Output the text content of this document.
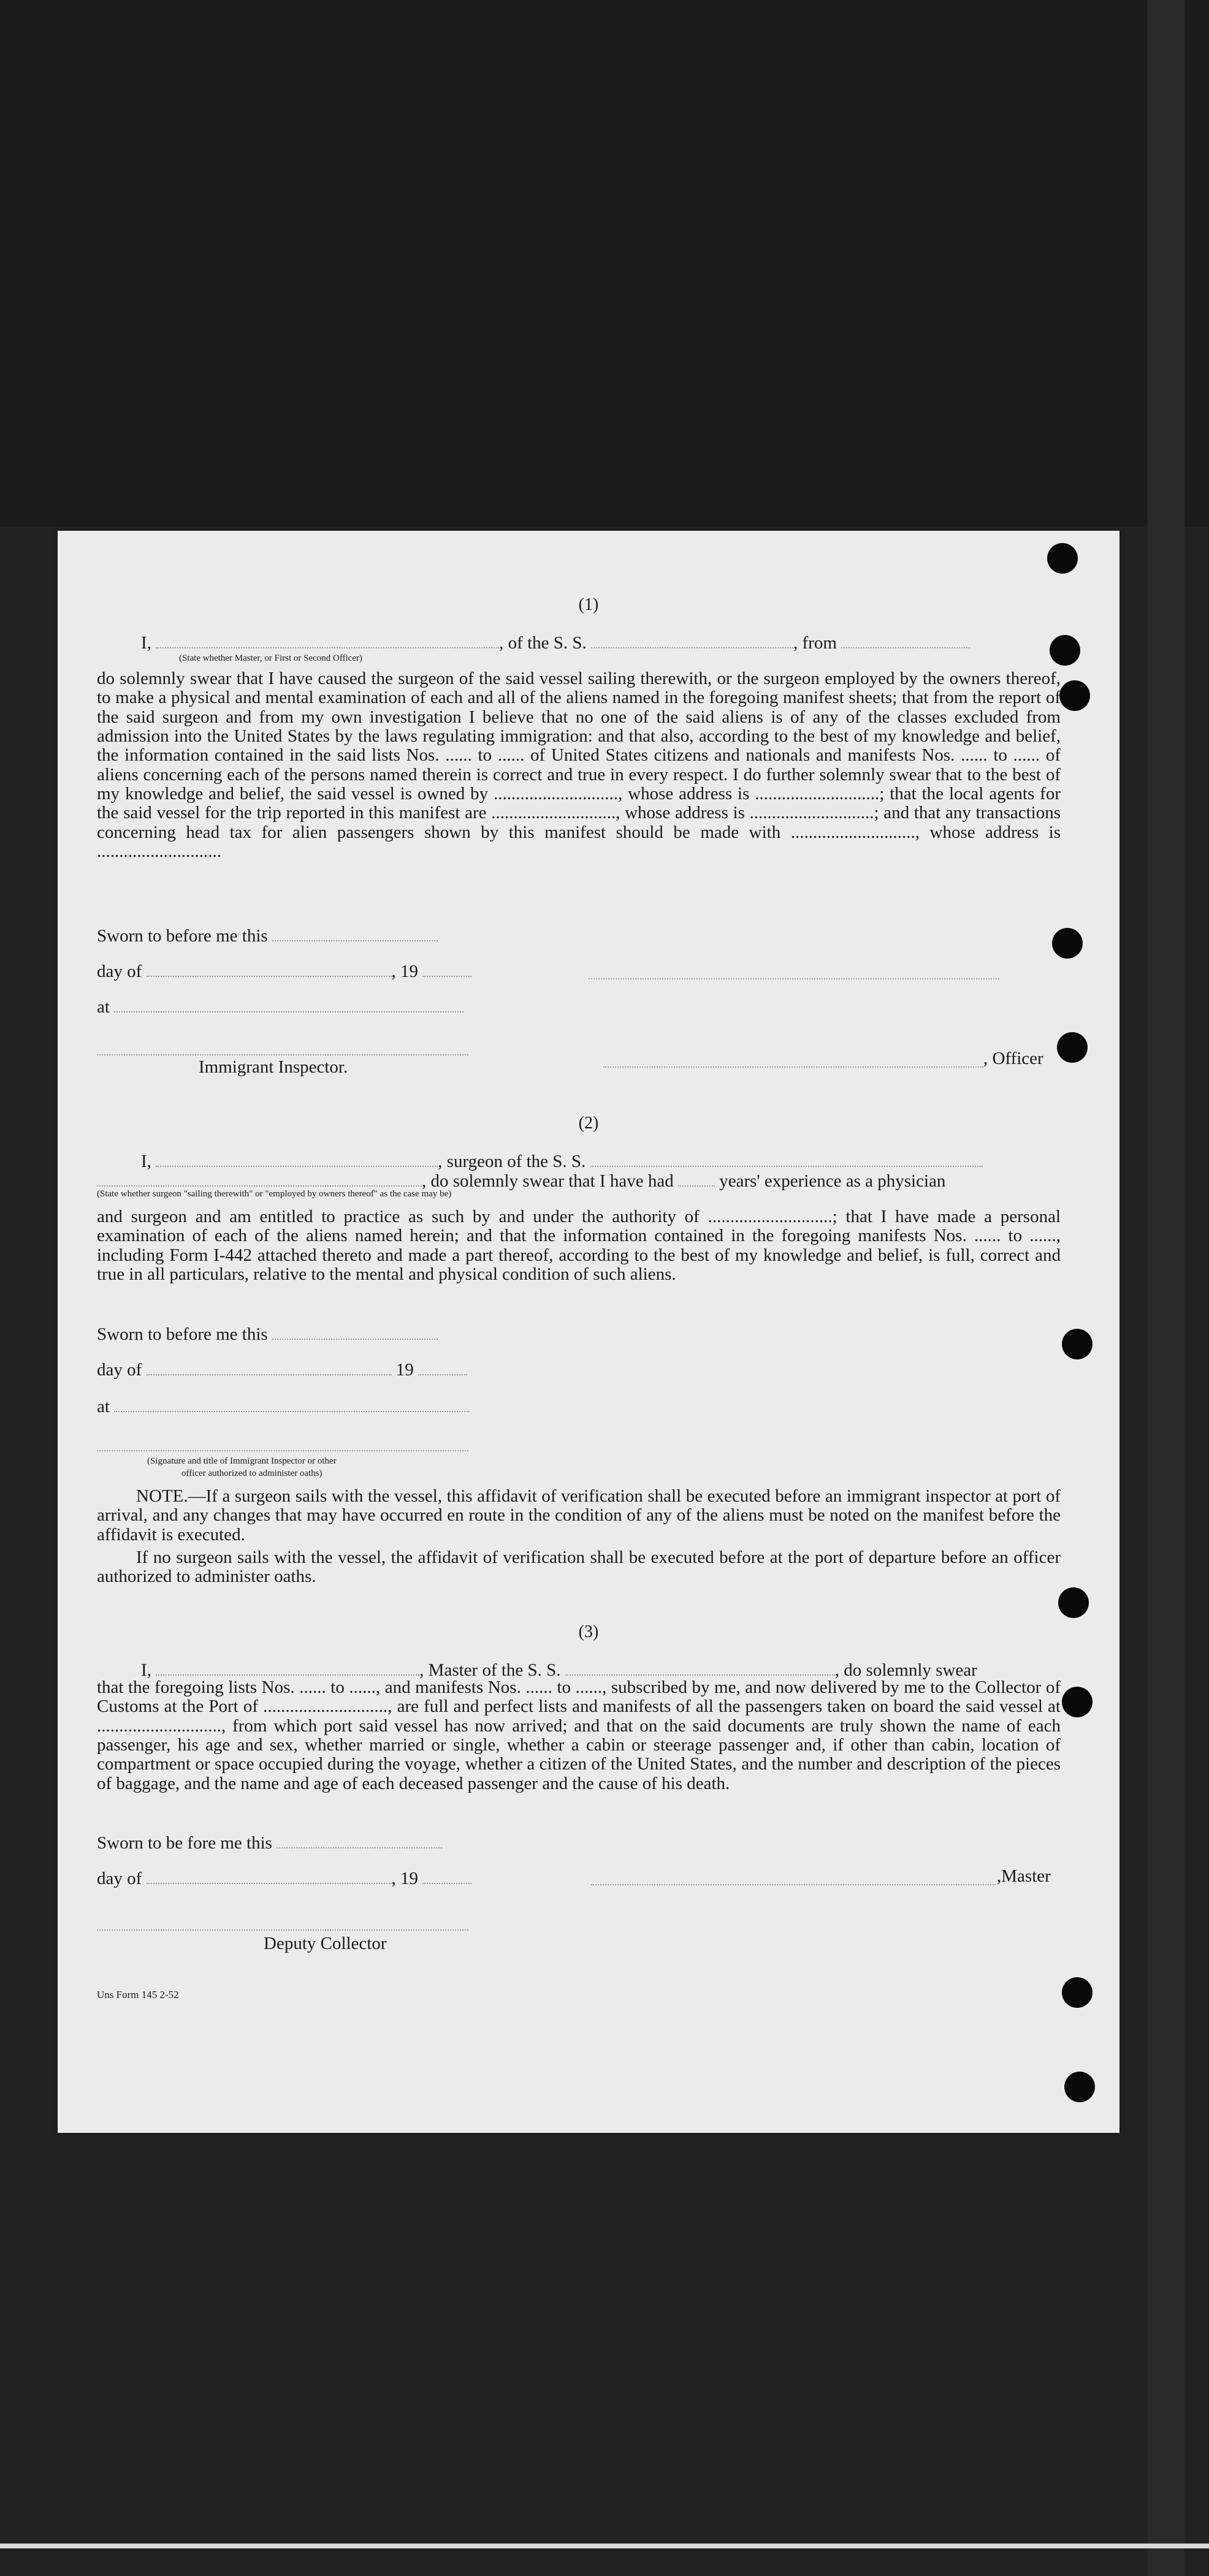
(1)
I,	, of the S. S.	, from
(State whether Master, or First or Second Officer)
do solemnly swear that I have caused the surgeon of the said vessel sailing therewith, or the surgeon employed by the owners thereof, to make a physical and mental examination of each and all of the aliens named in the foregoing manifest sheets; that from the report of the said surgeon and from my own investigation I believe that no one of the said aliens is of any of the classes excluded from admission into the United States by the laws regulating immigration: and that also, according to the best of my knowledge and belief, the information contained in the said lists Nos. ...... to ...... of United States citizens and nationals and manifests Nos. ...... to ...... of aliens concerning each of the persons named therein is correct and true in every respect. I do further solemnly swear that to the best of my knowledge and belief, the said vessel is owned by ............................, whose address is ............................; that the local agents for the said vessel for the trip reported in this manifest are ............................, whose address is ............................; and that any transactions concerning head tax for alien passengers shown by this manifest should be made with ............................, whose address is ............................
Sworn to before me this
day of	, 19
at
Immigrant Inspector.	, Officer
(2)
I,	, surgeon of the S. S.
, do solemnly swear that I have had	years' experience as a physician
(State whether surgeon "sailing therewith" or "employed by owners thereof" as the case may be)
and surgeon and am entitled to practice as such by and under the authority of ............................; that I have made a personal examination of each of the aliens named herein; and that the information contained in the foregoing manifests Nos. ...... to ......, including Form I-442 attached thereto and made a part thereof, according to the best of my knowledge and belief, is full, correct and true in all particulars, relative to the mental and physical condition of such aliens.
Sworn to before me this
day of	19
at
(Signature and title of Immigrant Inspector or other
officer authorized to administer oaths)
NOTE.—If a surgeon sails with the vessel, this affidavit of verification shall be executed before an immigrant inspector at port of arrival, and any changes that may have occurred en route in the condition of any of the aliens must be noted on the manifest before the affidavit is executed.
If no surgeon sails with the vessel, the affidavit of verification shall be executed before at the port of departure before an officer authorized to administer oaths.
(3)
I,	, Master of the S. S.	, do solemnly swear
that the foregoing lists Nos. ...... to ......, and manifests Nos. ...... to ......, subscribed by me, and now delivered by me to the Collector of Customs at the Port of ............................, are full and perfect lists and manifests of all the passengers taken on board the said vessel at ............................, from which port said vessel has now arrived; and that on the said documents are truly shown the name of each passenger, his age and sex, whether married or single, whether a cabin or steerage passenger and, if other than cabin, location of compartment or space occupied during the voyage, whether a citizen of the United States, and the number and description of the pieces of baggage, and the name and age of each deceased passenger and the cause of his death.
Sworn to be fore me this
day of	, 19	,Master
Deputy Collector
Uns Form 145 2-52
